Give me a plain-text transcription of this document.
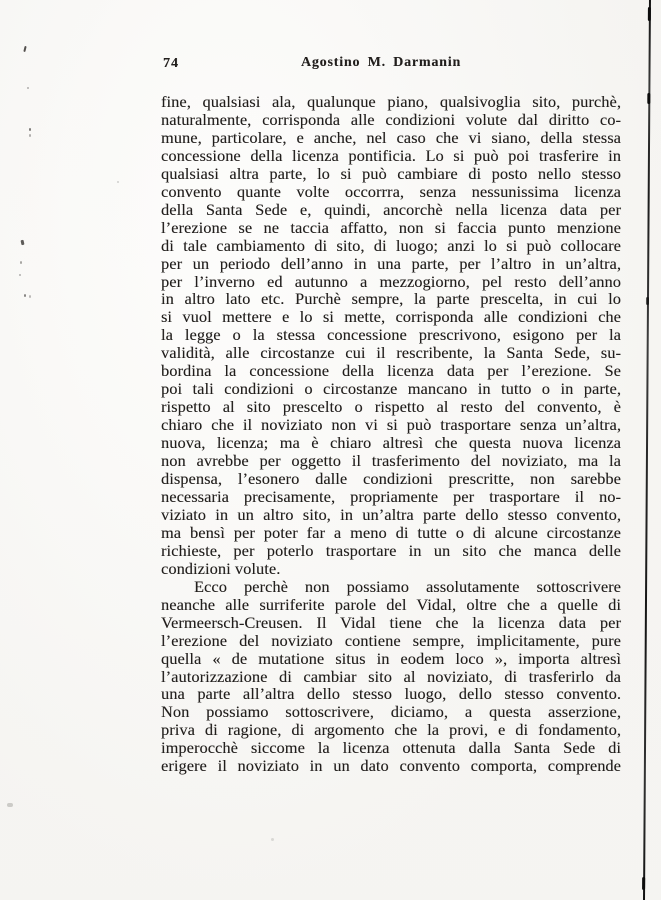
74	Agostino M. Darmanin
fine, qualsiasi ala, qualunque piano, qualsivoglia sito, purchè,
naturalmente, corrisponda alle condizioni volute dal diritto co-
mune, particolare, e anche, nel caso che vi siano, della stessa
concessione della licenza pontificia. Lo si può poi trasferire in
qualsiasi altra parte, lo si può cambiare di posto nello stesso
convento quante volte occorrra, senza nessunissima licenza
della Santa Sede e, quindi, ancorchè nella licenza data per
l’erezione se ne taccia affatto, non si faccia punto menzione
di tale cambiamento di sito, di luogo; anzi lo si può collocare
per un periodo dell’anno in una parte, per l’altro in un’altra,
per l’inverno ed autunno a mezzogiorno, pel resto dell’anno
in altro lato etc. Purchè sempre, la parte prescelta, in cui lo
si vuol mettere e lo si mette, corrisponda alle condizioni che
la legge o la stessa concessione prescrivono, esigono per la
validità, alle circostanze cui il rescribente, la Santa Sede, su-
bordina la concessione della licenza data per l’erezione. Se
poi tali condizioni o circostanze mancano in tutto o in parte,
rispetto al sito prescelto o rispetto al resto del convento, è
chiaro che il noviziato non vi si può trasportare senza un’altra,
nuova, licenza; ma è chiaro altresì che questa nuova licenza
non avrebbe per oggetto il trasferimento del noviziato, ma la
dispensa, l’esonero dalle condizioni prescritte, non sarebbe
necessaria precisamente, propriamente per trasportare il no-
viziato in un altro sito, in un’altra parte dello stesso convento,
ma bensì per poter far a meno di tutte o di alcune circostanze
richieste, per poterlo trasportare in un sito che manca delle
condizioni volute.
Ecco perchè non possiamo assolutamente sottoscrivere
neanche alle surriferite parole del Vidal, oltre che a quelle di
Vermeersch-Creusen. Il Vidal tiene che la licenza data per
l’erezione del noviziato contiene sempre, implicitamente, pure
quella « de mutatione situs in eodem loco », importa altresì
l’autorizzazione di cambiar sito al noviziato, di trasferirlo da
una parte all’altra dello stesso luogo, dello stesso convento.
Non possiamo sottoscrivere, diciamo, a questa asserzione,
priva di ragione, di argomento che la provi, e di fondamento,
imperocchè siccome la licenza ottenuta dalla Santa Sede di
erigere il noviziato in un dato convento comporta, comprende
